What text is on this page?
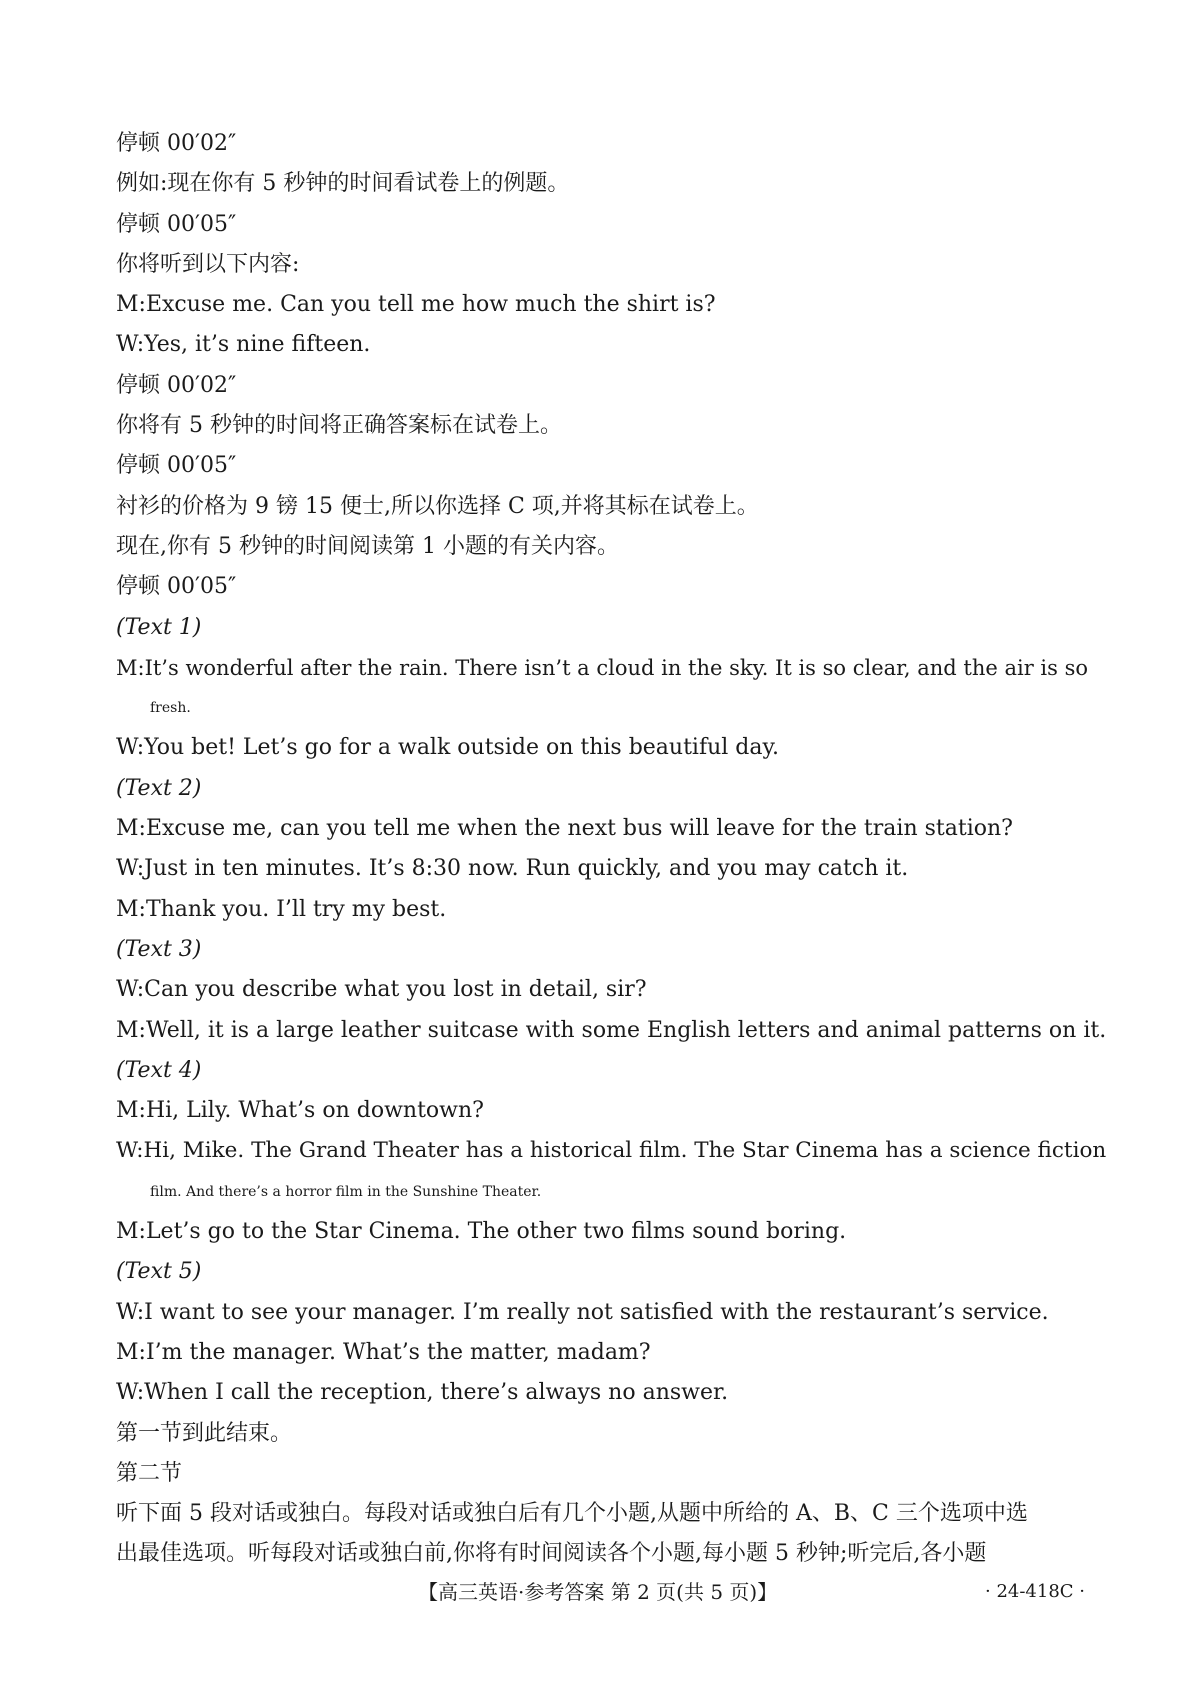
停顿 00′02″
例如:现在你有 5 秒钟的时间看试卷上的例题。
停顿 00′05″
你将听到以下内容:
M:Excuse me. Can you tell me how much the shirt is?
W:Yes, it’s nine fifteen.
停顿 00′02″
你将有 5 秒钟的时间将正确答案标在试卷上。
停顿 00′05″
衬衫的价格为 9 镑 15 便士,所以你选择 C 项,并将其标在试卷上。
现在,你有 5 秒钟的时间阅读第 1 小题的有关内容。
停顿 00′05″
(Text 1)
M:It’s wonderful after the rain. There isn’t a cloud in the sky. It is so clear, and the air is so
fresh.
W:You bet! Let’s go for a walk outside on this beautiful day.
(Text 2)
M:Excuse me, can you tell me when the next bus will leave for the train station?
W:Just in ten minutes. It’s 8:30 now. Run quickly, and you may catch it.
M:Thank you. I’ll try my best.
(Text 3)
W:Can you describe what you lost in detail, sir?
M:Well, it is a large leather suitcase with some English letters and animal patterns on it.
(Text 4)
M:Hi, Lily. What’s on downtown?
W:Hi, Mike. The Grand Theater has a historical film. The Star Cinema has a science fiction
film. And there’s a horror film in the Sunshine Theater.
M:Let’s go to the Star Cinema. The other two films sound boring.
(Text 5)
W:I want to see your manager. I’m really not satisfied with the restaurant’s service.
M:I’m the manager. What’s the matter, madam?
W:When I call the reception, there’s always no answer.
第一节到此结束。
第二节
听下面 5 段对话或独白。每段对话或独白后有几个小题,从题中所给的 A、B、C 三个选项中选
出最佳选项。听每段对话或独白前,你将有时间阅读各个小题,每小题 5 秒钟;听完后,各小题
【高三英语·参考答案 第 2 页(共 5 页)】	· 24-418C ·
